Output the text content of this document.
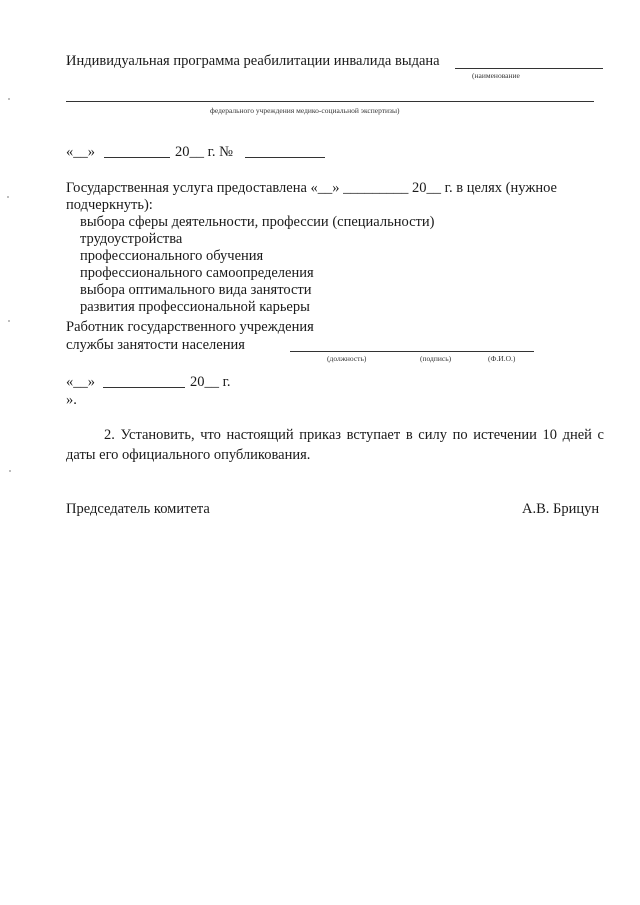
Индивидуальная программа реабилитации инвалида выдана
(наименование
федерального учреждения медико-социальной экспертизы)
«__»	20__ г. №
Государственная услуга предоставлена «__» _________ 20__ г. в целях (нужное
подчеркнуть):
выбора сферы деятельности, профессии (специальности)
трудоустройства
профессионального обучения
профессионального самоопределения
выбора оптимального вида занятости
развития профессиональной карьеры
Работник государственного учреждения
службы занятости населения
(должность)	(подпись)	(Ф.И.О.)
«__»	20__ г.
».
2. Установить, что настоящий приказ вступает в силу по истечении 10 дней с даты его официального опубликования.
Председатель комитета	А.В. Брицун
